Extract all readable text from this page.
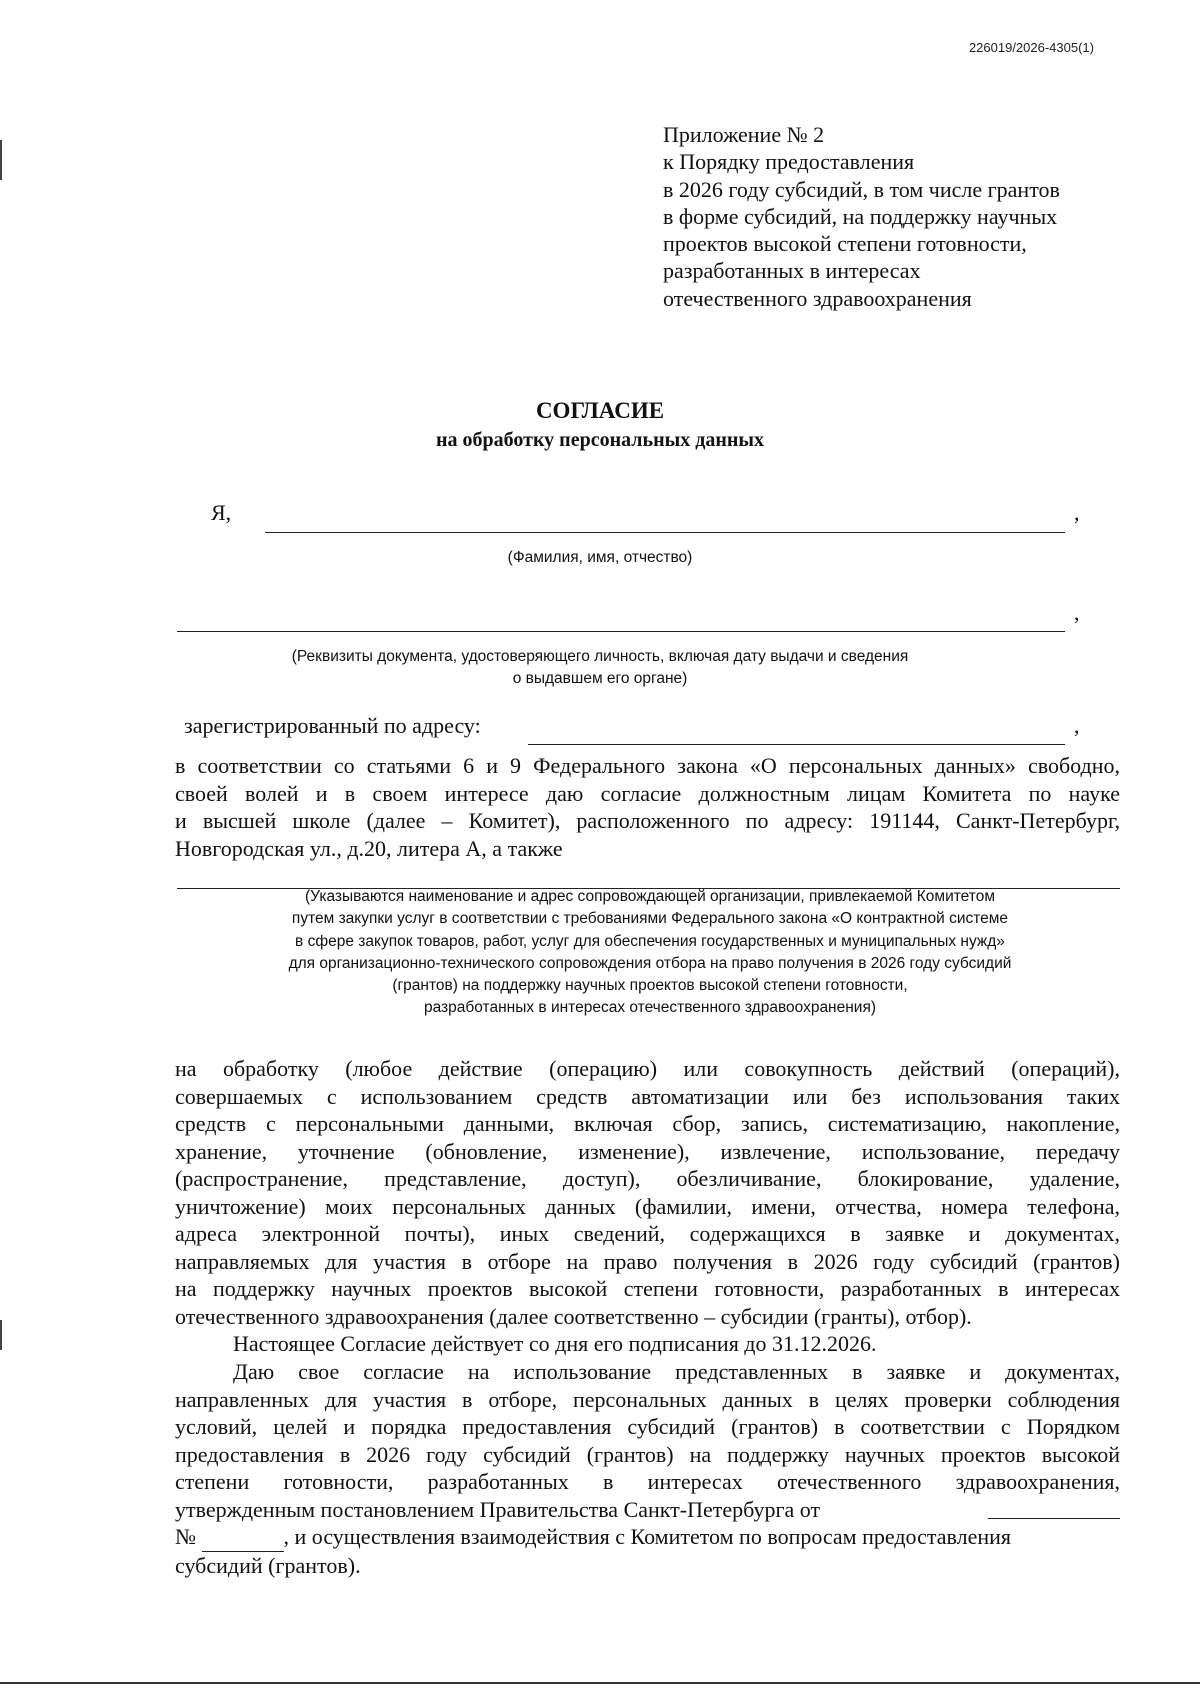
226019/2026-4305(1)
Приложение № 2
к Порядку предоставления
в 2026 году субсидий, в том числе грантов
в форме субсидий, на поддержку научных
проектов высокой степени готовности,
разработанных в интересах
отечественного здравоохранения
СОГЛАСИЕ
на обработку персональных данных
Я,	,
(Фамилия, имя, отчество)
,
(Реквизиты документа, удостоверяющего личность, включая дату выдачи и сведения
о выдавшем его органе)
зарегистрированный по адресу:	,
в соответствии со статьями 6 и 9 Федерального закона «О персональных данных» свободно,
своей волей и в своем интересе даю согласие должностным лицам Комитета по науке
и высшей школе (далее – Комитет), расположенного по адресу: 191144, Санкт-Петербург,
Новгородская ул., д.20, литера А, а также
(Указываются наименование и адрес сопровождающей организации, привлекаемой Комитетом
путем закупки услуг в соответствии с требованиями Федерального закона «О контрактной системе
в сфере закупок товаров, работ, услуг для обеспечения государственных и муниципальных нужд»
для организационно-технического сопровождения отбора на право получения в 2026 году субсидий
(грантов) на поддержку научных проектов высокой степени готовности,
разработанных в интересах отечественного здравоохранения)
на обработку (любое действие (операцию) или совокупность действий (операций),
совершаемых с использованием средств автоматизации или без использования таких
средств с персональными данными, включая сбор, запись, систематизацию, накопление,
хранение, уточнение (обновление, изменение), извлечение, использование, передачу
(распространение, представление, доступ), обезличивание, блокирование, удаление,
уничтожение) моих персональных данных (фамилии, имени, отчества, номера телефона,
адреса электронной почты), иных сведений, содержащихся в заявке и документах,
направляемых для участия в отборе на право получения в 2026 году субсидий (грантов)
на поддержку научных проектов высокой степени готовности, разработанных в интересах
отечественного здравоохранения (далее соответственно – субсидии (гранты), отбор).
Настоящее Согласие действует со дня его подписания до 31.12.2026.
Даю свое согласие на использование представленных в заявке и документах,
направленных для участия в отборе, персональных данных в целях проверки соблюдения
условий, целей и порядка предоставления субсидий (грантов) в соответствии с Порядком
предоставления в 2026 году субсидий (грантов) на поддержку научных проектов высокой
степени готовности, разработанных в интересах отечественного здравоохранения,
утвержденным постановлением Правительства Санкт-Петербурга от
№	, и осуществления взаимодействия с Комитетом по вопросам предоставления
субсидий (грантов).
